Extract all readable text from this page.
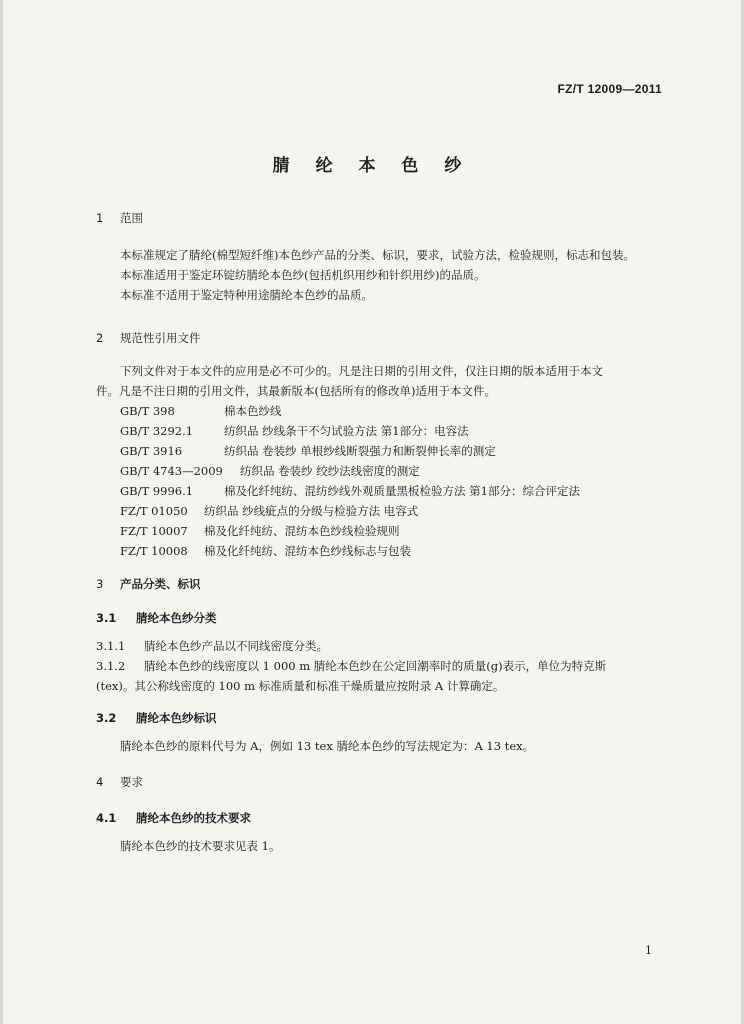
FZ/T 12009—2011
腈 纶 本 色 纱
1 范围
本标准规定了腈纶(棉型短纤维)本色纱产品的分类、标识，要求，试验方法，检验规则，标志和包装。
本标准适用于鉴定环锭纺腈纶本色纱(包括机织用纱和针织用纱)的品质。
本标准不适用于鉴定特种用途腈纶本色纱的品质。
2 规范性引用文件
下列文件对于本文件的应用是必不可少的。凡是注日期的引用文件，仅注日期的版本适用于本文
件。凡是不注日期的引用文件，其最新版本(包括所有的修改单)适用于本文件。
GB/T 398	棉本色纱线
GB/T 3292.1	纺织品 纱线条干不匀试验方法 第1部分：电容法
GB/T 3916	纺织品 卷装纱 单根纱线断裂强力和断裂伸长率的测定
GB/T 4743—2009 纺织品 卷装纱 绞纱法线密度的测定
GB/T 9996.1	棉及化纤纯纺、混纺纱线外观质量黑板检验方法 第1部分：综合评定法
FZ/T 01050 纺织品 纱线疵点的分级与检验方法 电容式
FZ/T 10007 棉及化纤纯纺、混纺本色纱线检验规则
FZ/T 10008 棉及化纤纯纺、混纺本色纱线标志与包装
3 产品分类、标识
3.1 腈纶本色纱分类
3.1.1 腈纶本色纱产品以不同线密度分类。
3.1.2 腈纶本色纱的线密度以 1 000 m 腈纶本色纱在公定回潮率时的质量(g)表示，单位为特克斯
(tex)。其公称线密度的 100 m 标准质量和标准干燥质量应按附录 A 计算确定。
3.2 腈纶本色纱标识
腈纶本色纱的原料代号为 A，例如 13 tex 腈纶本色纱的写法规定为：A 13 tex。
4 要求
4.1 腈纶本色纱的技术要求
腈纶本色纱的技术要求见表 1。
1
